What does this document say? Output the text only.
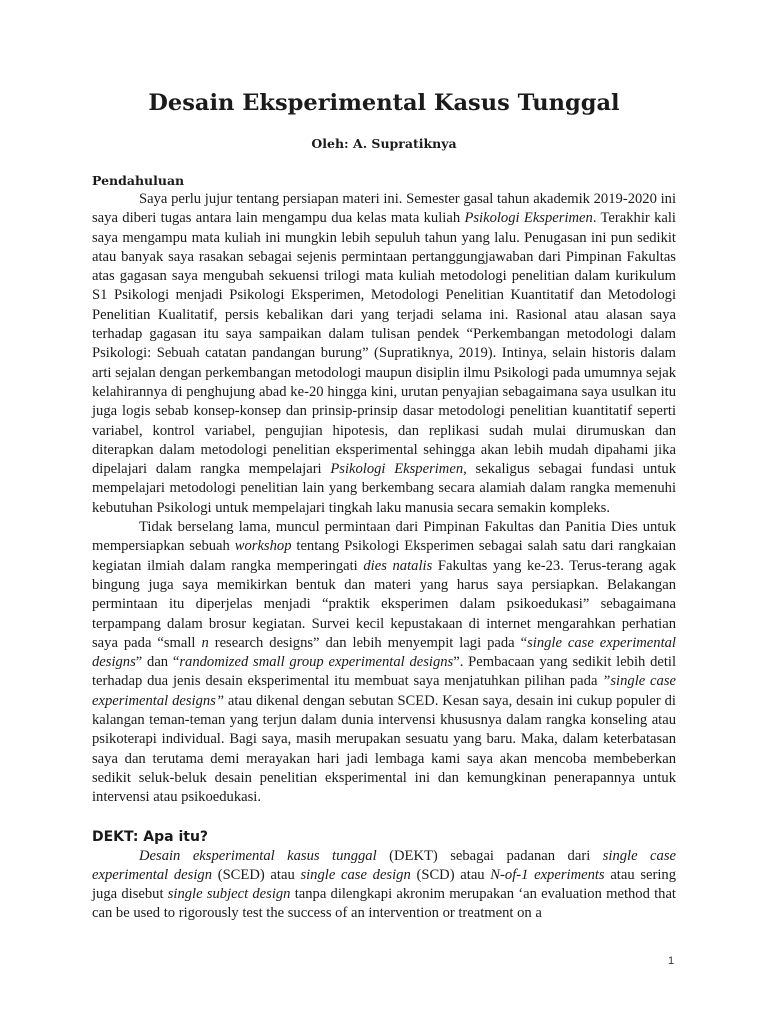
Desain Eksperimental Kasus Tunggal
Oleh: A. Supratiknya
Pendahuluan

Saya perlu jujur tentang persiapan materi ini. Semester gasal tahun akademik 2019-2020 ini saya diberi tugas antara lain mengampu dua kelas mata kuliah Psikologi Eksperimen. Terakhir kali saya mengampu mata kuliah ini mungkin lebih sepuluh tahun yang lalu. Penugasan ini pun sedikit atau banyak saya rasakan sebagai sejenis permintaan pertanggungjawaban dari Pimpinan Fakultas atas gagasan saya mengubah sekuensi trilogi mata kuliah metodologi penelitian dalam kurikulum S1 Psikologi menjadi Psikologi Eksperimen, Metodologi Penelitian Kuantitatif dan Metodologi Penelitian Kualitatif, persis kebalikan dari yang terjadi selama ini. Rasional atau alasan saya terhadap gagasan itu saya sampaikan dalam tulisan pendek “Perkembangan metodologi dalam Psikologi: Sebuah catatan pandangan burung” (Supratiknya, 2019). Intinya, selain historis dalam arti sejalan dengan perkembangan metodologi maupun disiplin ilmu Psikologi pada umumnya sejak kelahirannya di penghujung abad ke-20 hingga kini, urutan penyajian sebagaimana saya usulkan itu juga logis sebab konsep-konsep dan prinsip-prinsip dasar metodologi penelitian kuantitatif seperti variabel, kontrol variabel, pengujian hipotesis, dan replikasi sudah mulai dirumuskan dan diterapkan dalam metodologi penelitian eksperimental sehingga akan lebih mudah dipahami jika dipelajari dalam rangka mempelajari Psikologi Eksperimen, sekaligus sebagai fundasi untuk mempelajari metodologi penelitian lain yang berkembang secara alamiah dalam rangka memenuhi kebutuhan Psikologi untuk mempelajari tingkah laku manusia secara semakin kompleks.

Tidak berselang lama, muncul permintaan dari Pimpinan Fakultas dan Panitia Dies untuk mempersiapkan sebuah workshop tentang Psikologi Eksperimen sebagai salah satu dari rangkaian kegiatan ilmiah dalam rangka memperingati dies natalis Fakultas yang ke-23. Terus-terang agak bingung juga saya memikirkan bentuk dan materi yang harus saya persiapkan. Belakangan permintaan itu diperjelas menjadi “praktik eksperimen dalam psikoedukasi” sebagaimana terpampang dalam brosur kegiatan. Survei kecil kepustakaan di internet mengarahkan perhatian saya pada “small n research designs” dan lebih menyempit lagi pada “single case experimental designs” dan “randomized small group experimental designs”. Pembacaan yang sedikit lebih detil terhadap dua jenis desain eksperimental itu membuat saya menjatuhkan pilihan pada ”single case experimental designs” atau dikenal dengan sebutan SCED. Kesan saya, desain ini cukup populer di kalangan teman-teman yang terjun dalam dunia intervensi khususnya dalam rangka konseling atau psikoterapi individual. Bagi saya, masih merupakan sesuatu yang baru. Maka, dalam keterbatasan saya dan terutama demi merayakan hari jadi lembaga kami saya akan mencoba membeberkan sedikit seluk-beluk desain penelitian eksperimental ini dan kemungkinan penerapannya untuk intervensi atau psikoedukasi.

DEKT: Apa itu?

Desain eksperimental kasus tunggal (DEKT) sebagai padanan dari single case experimental design (SCED) atau single case design (SCD) atau N-of-1 experiments atau sering juga disebut single subject design tanpa dilengkapi akronim merupakan ‘an evaluation method that can be used to rigorously test the success of an intervention or treatment on a

1
